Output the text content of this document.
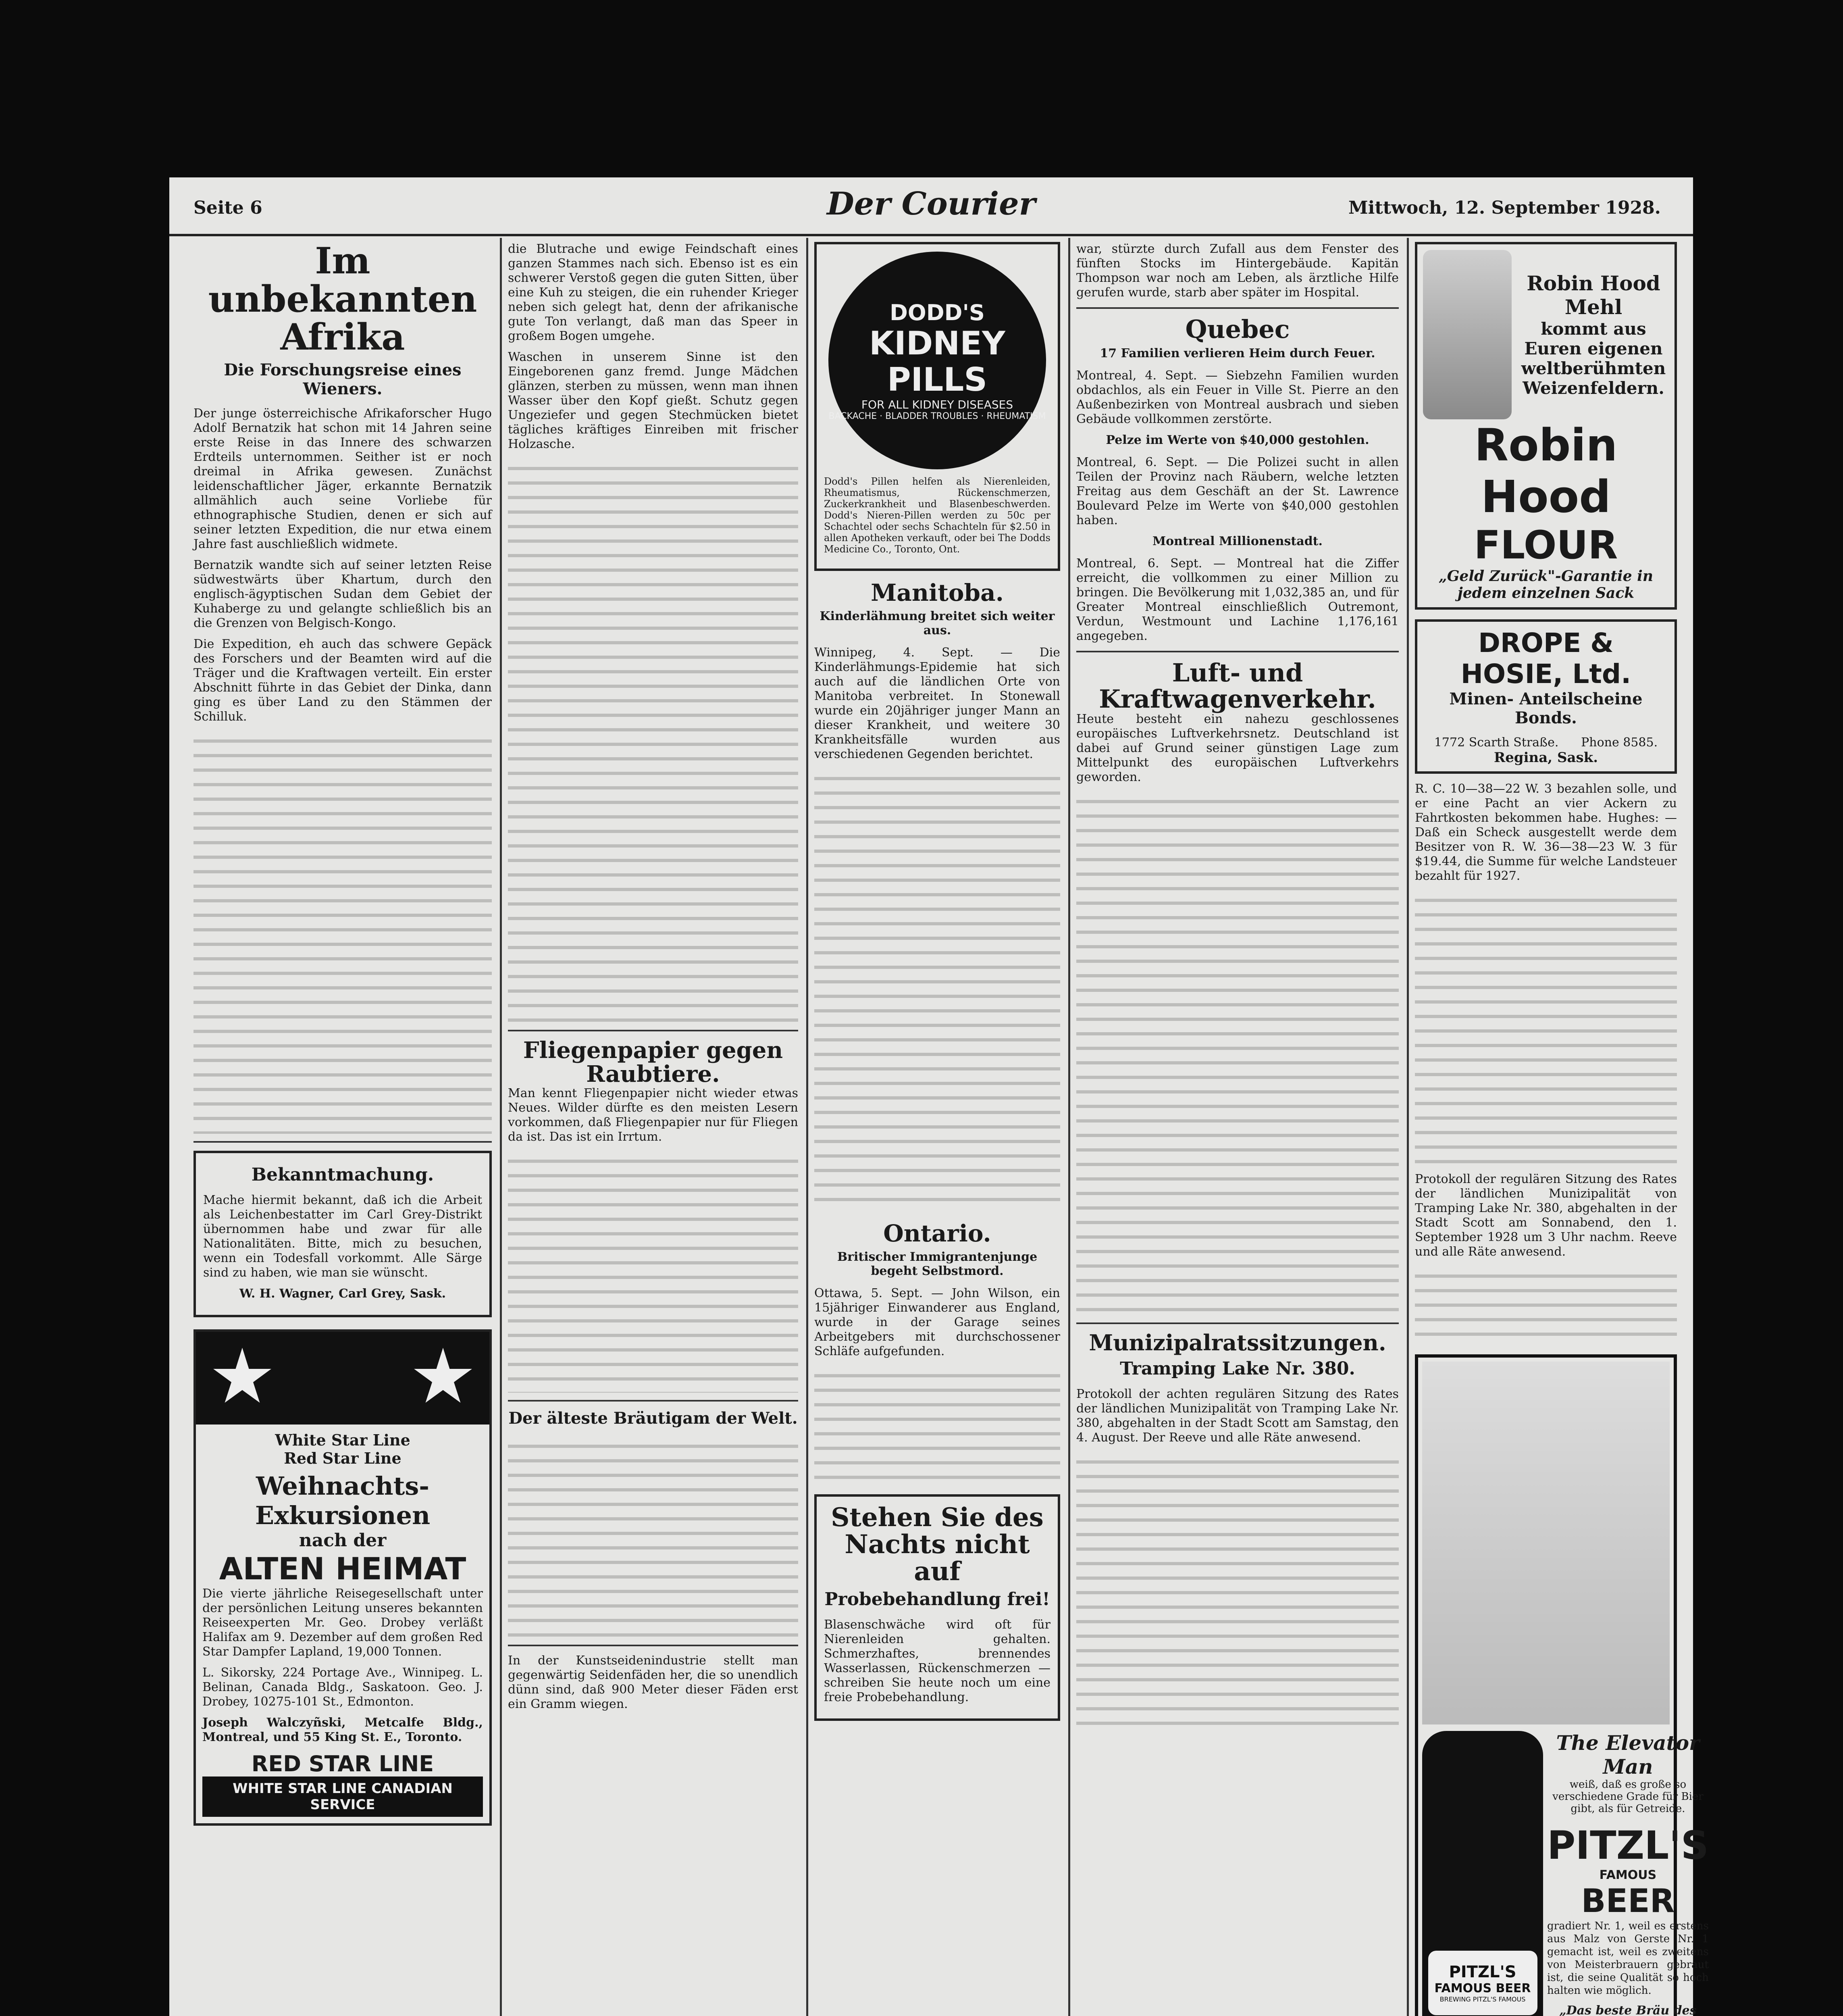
Seite 6	Der Courier	Mittwoch, 12. September 1928.
Im unbekannten Afrika
Die Forschungsreise eines Wieners.

Der junge österreichische Afrikaforscher Hugo Adolf Bernatzik hat schon mit 14 Jahren seine erste Reise in das Innere des schwarzen Erdteils unternommen. Seither ist er noch dreimal in Afrika gewesen. Zunächst leidenschaftlicher Jäger, erkannte Bernatzik allmählich auch seine Vorliebe für ethnographische Studien, denen er sich auf seiner letzten Expedition, die nur etwa einem Jahre fast auschließlich widmete.

Bernatzik wandte sich auf seiner letzten Reise südwestwärts über Khartum, durch den englisch-ägyptischen Sudan dem Gebiet der Kuhaberge zu und gelangte schließlich bis an die Grenzen von Belgisch-Kongo.

Die Expedition, eh auch das schwere Gepäck des Forschers und der Beamten wird auf die Träger und die Kraftwagen verteilt. Ein erster Abschnitt führte in das Gebiet der Dinka, dann ging es über Land zu den Stämmen der Schilluk.

Bekanntmachung.

Mache hiermit bekannt, daß ich die Arbeit als Leichenbestatter im Carl Grey-Distrikt übernommen habe und zwar für alle Nationalitäten. Bitte, mich zu besuchen, wenn ein Todesfall vorkommt. Alle Särge sind zu haben, wie man sie wünscht.

W. H. Wagner, Carl Grey, Sask.

White Star Line
Red Star Line
Weihnachts-Exkursionen
nach der
ALTEN HEIMAT

Die vierte jährliche Reisegesellschaft unter der persönlichen Leitung unseres bekannten Reiseexperten Mr. Geo. Drobey verläßt Halifax am 9. Dezember auf dem großen Red Star Dampfer Lapland, 19,000 Tonnen.

L. Sikorsky, 224 Portage Ave., Winnipeg. L. Belinan, Canada Bldg., Saskatoon. Geo. J. Drobey, 10275-101 St., Edmonton.

Joseph Walczyñski, Metcalfe Bldg., Montreal, und 55 King St. E., Toronto.

RED STAR LINE
WHITE STAR LINE CANADIAN SERVICE

die Blutrache und ewige Feindschaft eines ganzen Stammes nach sich. Ebenso ist es ein schwerer Verstoß gegen die guten Sitten, über eine Kuh zu steigen, die ein ruhender Krieger neben sich gelegt hat, denn der afrikanische gute Ton verlangt, daß man das Speer in großem Bogen umgehe.

Waschen in unserem Sinne ist den Eingeborenen ganz fremd. Junge Mädchen glänzen, sterben zu müssen, wenn man ihnen Wasser über den Kopf gießt. Schutz gegen Ungeziefer und gegen Stechmücken bietet tägliches kräftiges Einreiben mit frischer Holzasche.

Fliegenpapier gegen Raubtiere.

Man kennt Fliegenpapier nicht wieder etwas Neues. Wilder dürfte es den meisten Lesern vorkommen, daß Fliegenpapier nur für Fliegen da ist. Das ist ein Irrtum.

Der älteste Bräutigam der Welt.

In der Kunstseidenindustrie stellt man gegenwärtig Seidenfäden her, die so unendlich dünn sind, daß 900 Meter dieser Fäden erst ein Gramm wiegen.

DODD'S
KIDNEY
PILLS
FOR ALL KIDNEY DISEASES
BACKACHE · BLADDER TROUBLES · RHEUMATISM

Dodd's Pillen helfen als Nierenleiden, Rheumatismus, Rückenschmerzen, Zuckerkrankheit und Blasenbeschwerden. Dodd's Nieren-Pillen werden zu 50c per Schachtel oder sechs Schachteln für $2.50 in allen Apotheken verkauft, oder bei The Dodds Medicine Co., Toronto, Ont.

Manitoba.
Kinderlähmung breitet sich weiter aus.

Winnipeg, 4. Sept. — Die Kinderlähmungs-Epidemie hat sich auch auf die ländlichen Orte von Manitoba verbreitet. In Stonewall wurde ein 20jähriger junger Mann an dieser Krankheit, und weitere 30 Krankheitsfälle wurden aus verschiedenen Gegenden berichtet.

Ontario.
Britischer Immigrantenjunge begeht Selbstmord.

Ottawa, 5. Sept. — John Wilson, ein 15jähriger Einwanderer aus England, wurde in der Garage seines Arbeitgebers mit durchschossener Schläfe aufgefunden.

Stehen Sie des Nachts nicht auf
Probebehandlung frei!

Blasenschwäche wird oft für Nierenleiden gehalten. Schmerzhaftes, brennendes Wasserlassen, Rückenschmerzen — schreiben Sie heute noch um eine freie Probebehandlung.

war, stürzte durch Zufall aus dem Fenster des fünften Stocks im Hintergebäude. Kapitän Thompson war noch am Leben, als ärztliche Hilfe gerufen wurde, starb aber später im Hospital.

Quebec
17 Familien verlieren Heim durch Feuer.

Montreal, 4. Sept. — Siebzehn Familien wurden obdachlos, als ein Feuer in Ville St. Pierre an den Außenbezirken von Montreal ausbrach und sieben Gebäude vollkommen zerstörte.

Pelze im Werte von $40,000 gestohlen.

Montreal, 6. Sept. — Die Polizei sucht in allen Teilen der Provinz nach Räubern, welche letzten Freitag aus dem Geschäft an der St. Lawrence Boulevard Pelze im Werte von $40,000 gestohlen haben.

Montreal Millionenstadt.

Montreal, 6. Sept. — Montreal hat die Ziffer erreicht, die vollkommen zu einer Million zu bringen. Die Bevölkerung mit 1,032,385 an, und für Greater Montreal einschließlich Outremont, Verdun, Westmount und Lachine 1,176,161 angegeben.

Luft- und Kraftwagenverkehr.

Heute besteht ein nahezu geschlossenes europäisches Luftverkehrsnetz. Deutschland ist dabei auf Grund seiner günstigen Lage zum Mittelpunkt des europäischen Luftverkehrs geworden.

Munizipalratssitzungen.
Tramping Lake Nr. 380.

Protokoll der achten regulären Sitzung des Rates der ländlichen Munizipalität von Tramping Lake Nr. 380, abgehalten in der Stadt Scott am Samstag, den 4. August. Der Reeve und alle Räte anwesend.

Robin Hood Mehl
kommt aus Euren eigenen weltberühmten Weizenfeldern.
Robin Hood
FLOUR
„Geld Zurück"-Garantie in jedem einzelnen Sack
DROPE & HOSIE, Ltd.
Minen- Anteilscheine Bonds.
1772 Scarth Straße. Phone 8585.
Regina, Sask.

R. C. 10—38—22 W. 3 bezahlen solle, und er eine Pacht an vier Ackern zu Fahrtkosten bekommen habe. Hughes: — Daß ein Scheck ausgestellt werde dem Besitzer von R. W. 36—38—23 W. 3 für $19.44, die Summe für welche Landsteuer bezahlt für 1927.

Protokoll der regulären Sitzung des Rates der ländlichen Munizipalität von Tramping Lake Nr. 380, abgehalten in der Stadt Scott am Sonnabend, den 1. September 1928 um 3 Uhr nachm. Reeve und alle Räte anwesend.

PITZL'S
FAMOUS BEER
BREWING PITZL'S FAMOUS
The Elevator Man
weiß, daß es große so verschiedene Grade für Bier gibt, als für Getreide.
PITZL'S
FAMOUS
BEER

gradiert Nr. 1, weil es erstens aus Malz von Gerste Nr. 1 gemacht ist, weil es zweitens von Meisterbrauern gebraut ist, die seine Qualität so hoch halten wie möglich.

„Das beste Bräu des
